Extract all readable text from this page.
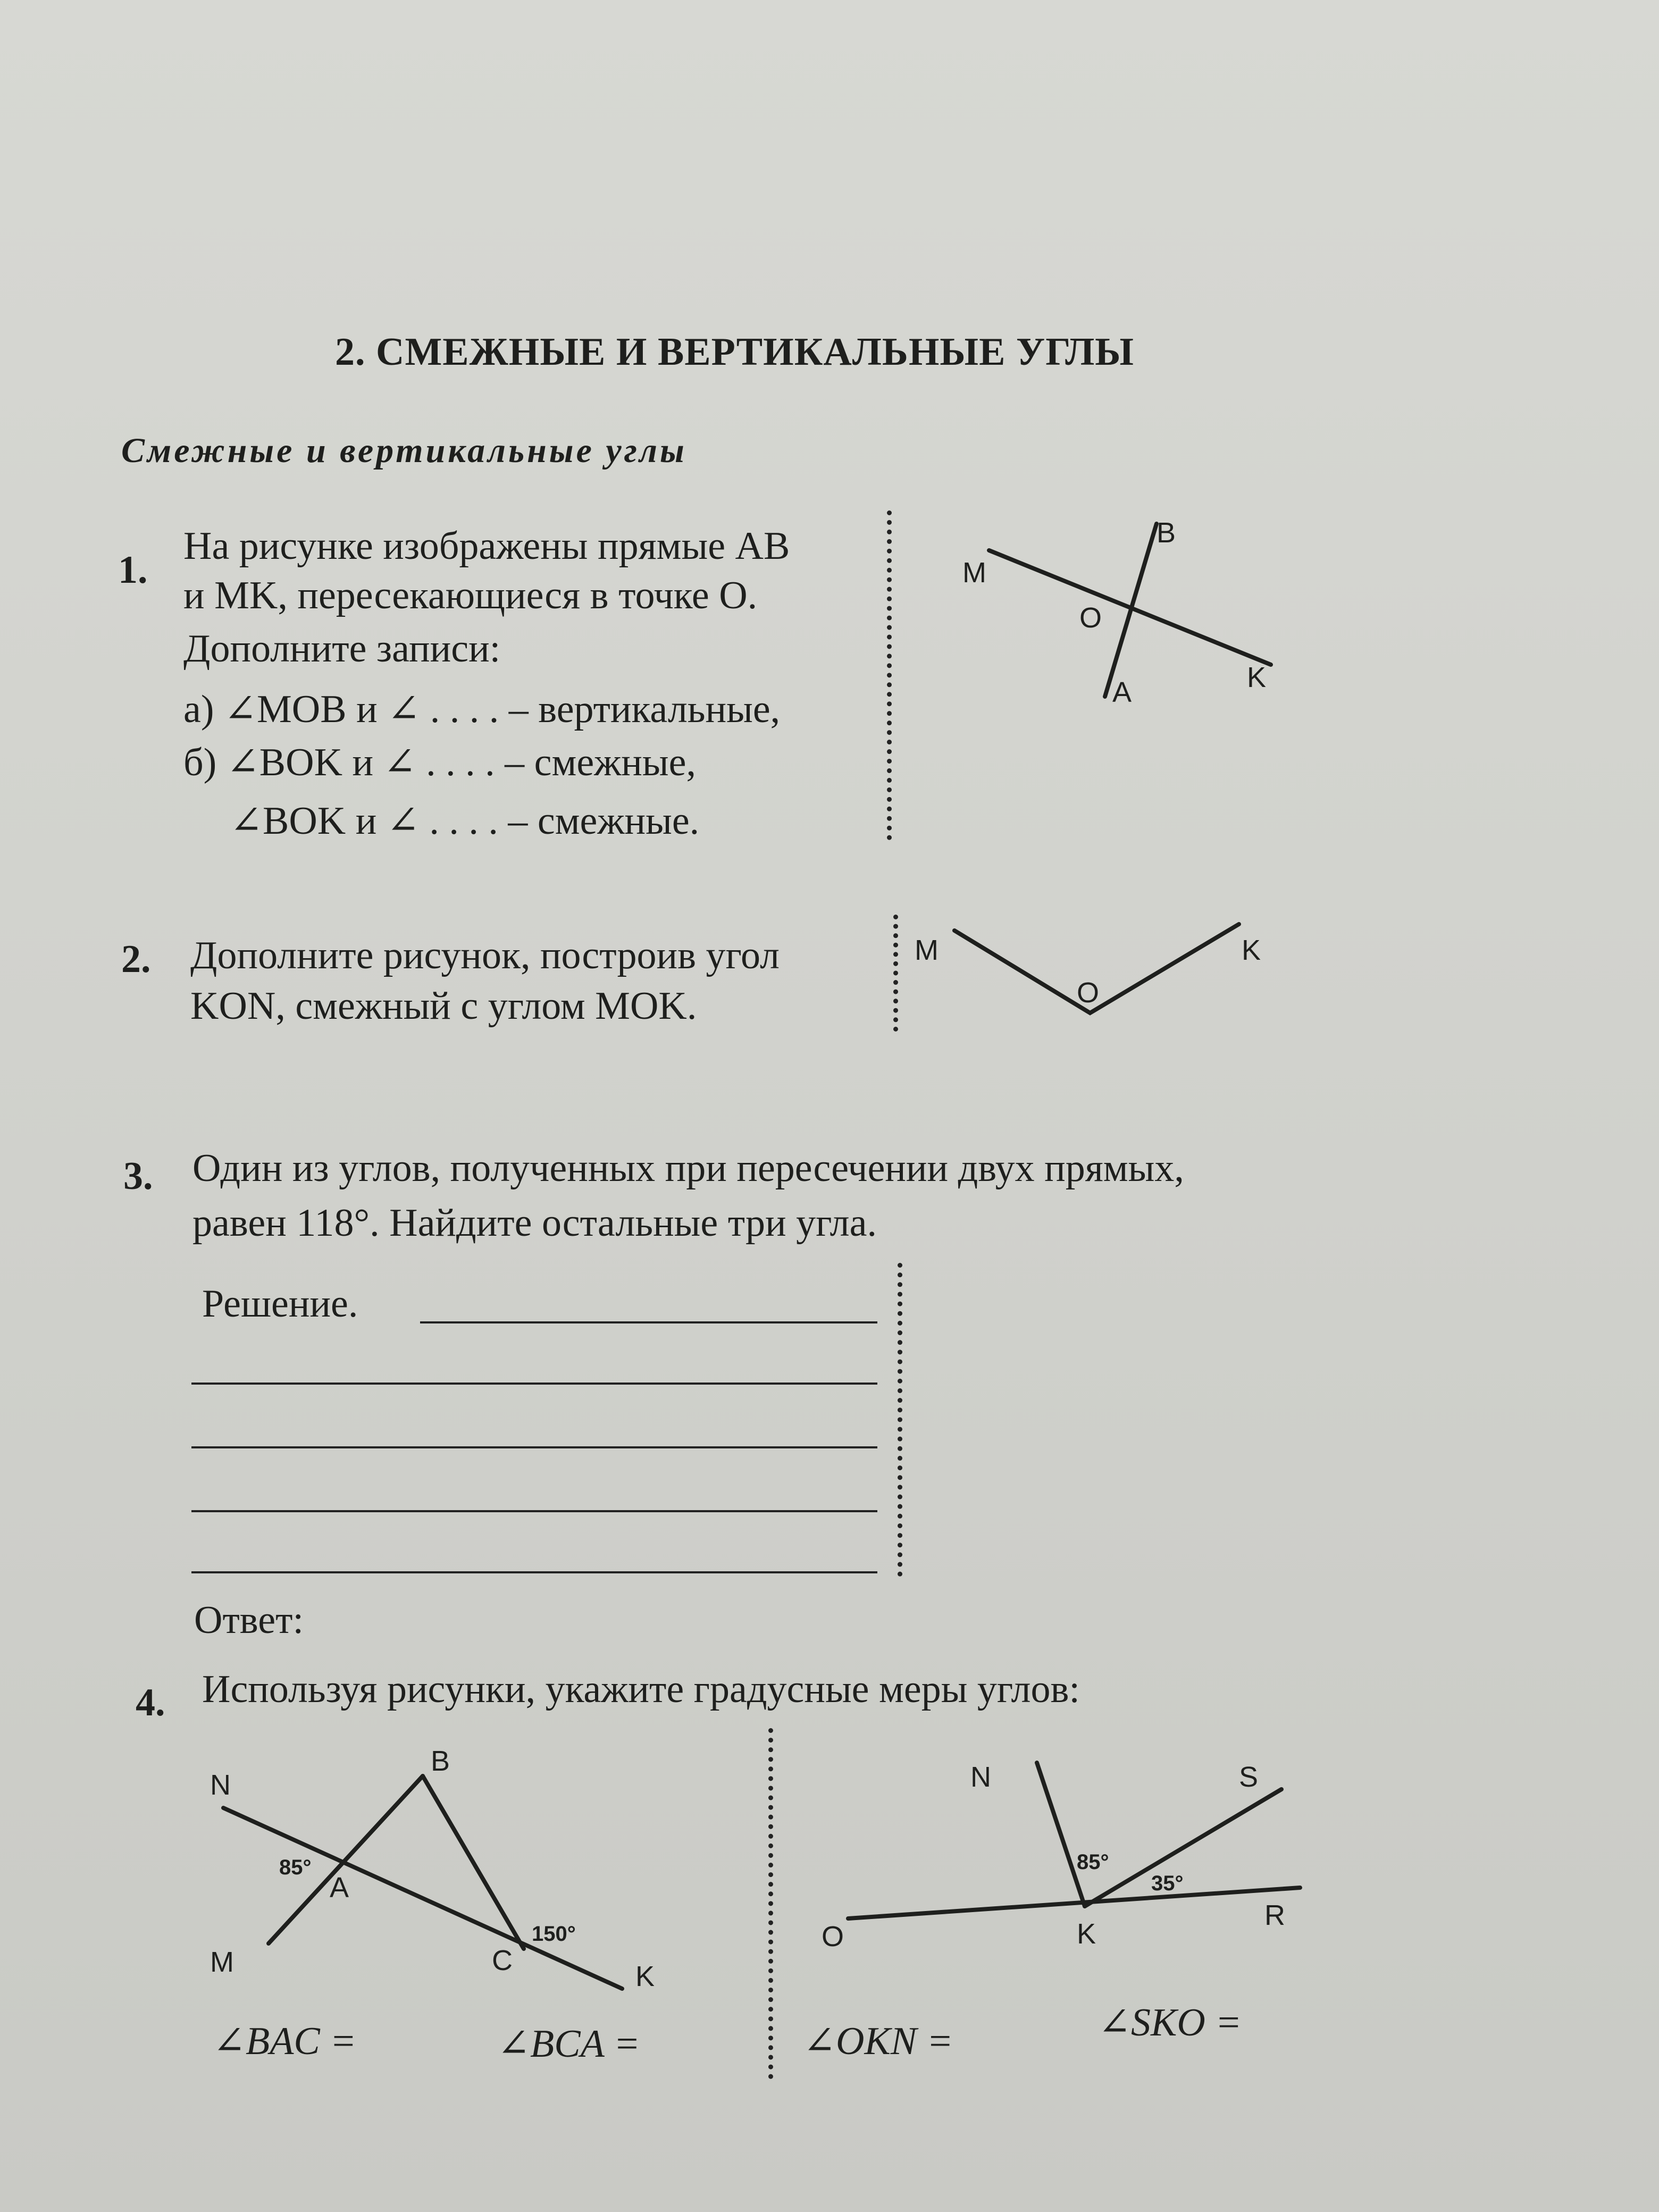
2. СМЕЖНЫЕ И ВЕРТИКАЛЬНЫЕ УГЛЫ
Смежные и вертикальные углы
1.
На рисунке изображены прямые AB
и MK, пересекающиеся в точке O.
Дополните записи:
а) ∠MOB и ∠ . . . . – вертикальные,
б) ∠BOK и ∠ . . . . – смежные,
∠BOK и ∠ . . . . – смежные.
2. Дополните рисунок, построив угол
KON, смежный с углом MOK.
3. Один из углов, полученных при пересечении двух прямых,
равен 118°. Найдите остальные три угла.
Решение.
Ответ:
4. Используя рисунки, укажите градусные меры углов:
∠BAC =	∠BCA =	∠OKN =	∠SKO =
M
B
O
A	K
M
O
K
N
B
A
M	C	K
85°
150°
N	S
O	K
R
85°
35°
